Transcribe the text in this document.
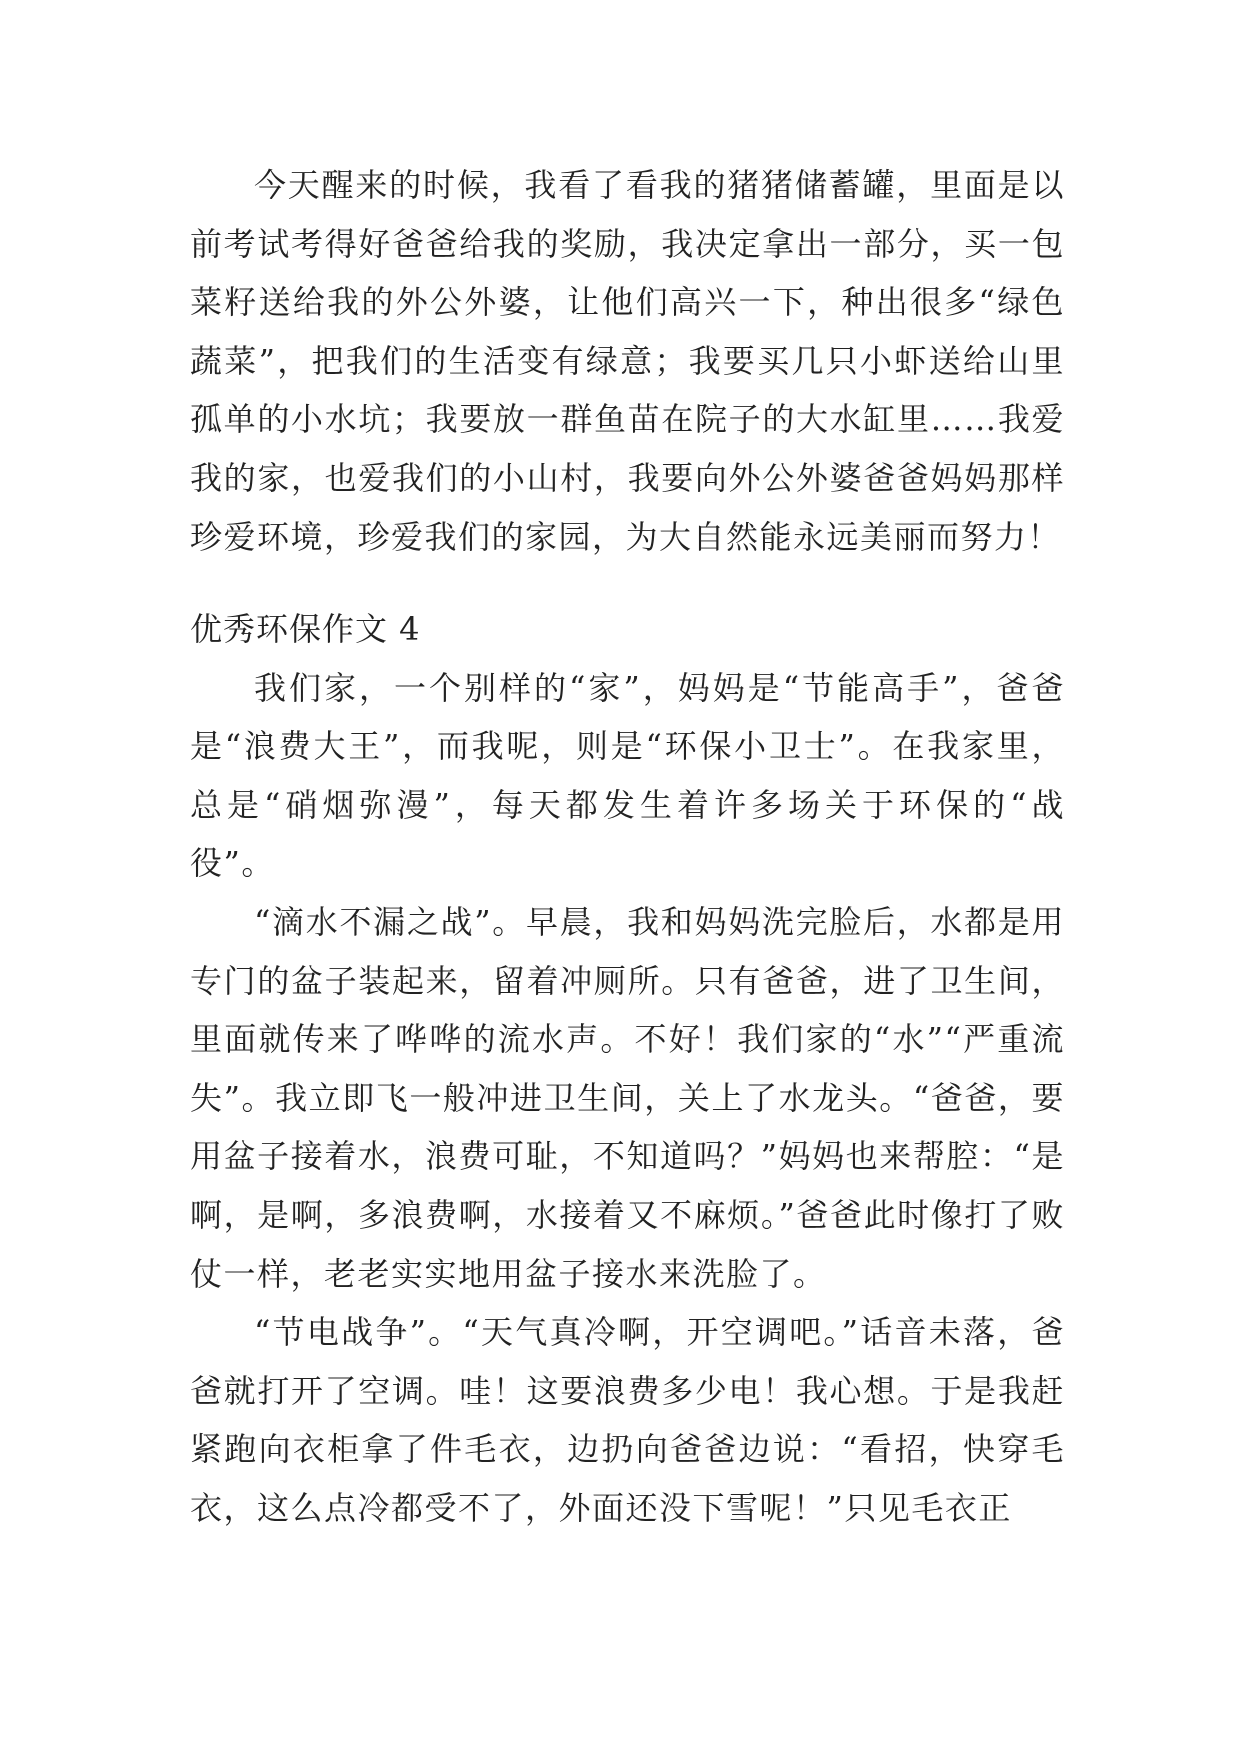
今天醒来的时候，我看了看我的猪猪储蓄罐，里面是以前考试考得好爸爸给我的奖励，我决定拿出一部分，买一包菜籽送给我的外公外婆，让他们高兴一下，种出很多“绿色蔬菜”，把我们的生活变有绿意；我要买几只小虾送给山里孤单的小水坑；我要放一群鱼苗在院子的大水缸里……我爱我的家，也爱我们的小山村，我要向外公外婆爸爸妈妈那样珍爱环境，珍爱我们的家园，为大自然能永远美丽而努力！

优秀环保作文 4

我们家，一个别样的“家”，妈妈是“节能高手”，爸爸是“浪费大王”，而我呢，则是“环保小卫士”。在我家里，总是“硝烟弥漫”，每天都发生着许多场关于环保的“战役”。

“滴水不漏之战”。早晨，我和妈妈洗完脸后，水都是用专门的盆子装起来，留着冲厕所。只有爸爸，进了卫生间，里面就传来了哗哗的流水声。不好！我们家的“水”“严重流失”。我立即飞一般冲进卫生间，关上了水龙头。“爸爸，要用盆子接着水，浪费可耻，不知道吗？”妈妈也来帮腔：“是啊，是啊，多浪费啊，水接着又不麻烦。”爸爸此时像打了败仗一样，老老实实地用盆子接水来洗脸了。

“节电战争”。“天气真冷啊，开空调吧。”话音未落，爸爸就打开了空调。哇！这要浪费多少电！我心想。于是我赶紧跑向衣柜拿了件毛衣，边扔向爸爸边说：“看招，快穿毛衣，这么点冷都受不了，外面还没下雪呢！”只见毛衣正
